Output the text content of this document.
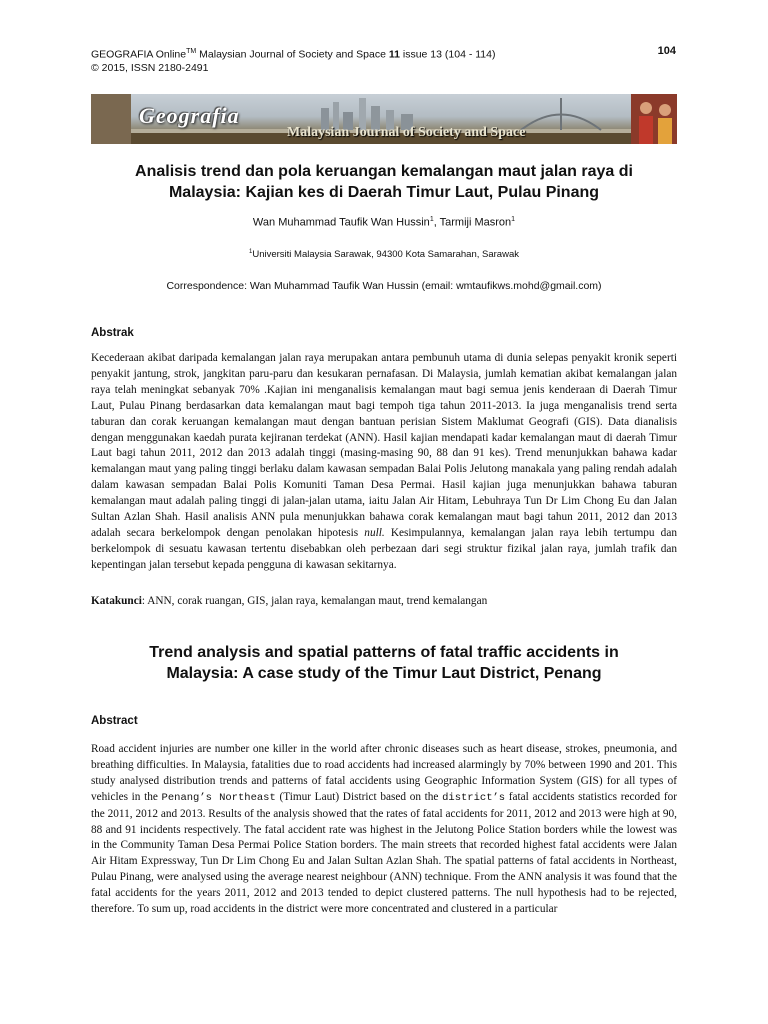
GEOGRAFIA Online™ Malaysian Journal of Society and Space 11 issue 13 (104 - 114)
© 2015, ISSN 2180-2491
104
Geografia
Malaysian Journal of Society and Space
Analisis trend dan pola keruangan kemalangan maut jalan raya di
Malaysia: Kajian kes di Daerah Timur Laut, Pulau Pinang
Wan Muhammad Taufik Wan Hussin$^1$, Tarmiji Masron$^1$
$^1$Universiti Malaysia Sarawak, 94300 Kota Samarahan, Sarawak
Correspondence: Wan Muhammad Taufik Wan Hussin (email: wmtaufikws.mohd@gmail.com)
Abstrak

Kecederaan akibat daripada kemalangan jalan raya merupakan antara pembunuh utama di dunia selepas penyakit kronik seperti penyakit jantung, strok, jangkitan paru-paru dan kesukaran pernafasan. Di Malaysia, jumlah kematian akibat kemalangan jalan raya telah meningkat sebanyak 70% .Kajian ini menganalisis kemalangan maut bagi semua jenis kenderaan di Daerah Timur Laut, Pulau Pinang berdasarkan data kemalangan maut bagi tempoh tiga tahun 2011-2013. Ia juga menganalisis trend serta taburan dan corak keruangan kemalangan maut dengan bantuan perisian Sistem Maklumat Geografi (GIS). Data dianalisis dengan menggunakan kaedah purata kejiranan terdekat (ANN). Hasil kajian mendapati kadar kemalangan maut di daerah Timur Laut bagi tahun 2011, 2012 dan 2013 adalah tinggi (masing-masing 90, 88 dan 91 kes). Trend menunjukkan bahawa kadar kemalangan maut yang paling tinggi berlaku dalam kawasan sempadan Balai Polis Jelutong manakala yang paling rendah adalah dalam kawasan sempadan Balai Polis Komuniti Taman Desa Permai. Hasil kajian juga menunjukkan bahawa taburan kemalangan maut adalah paling tinggi di jalan-jalan utama, iaitu Jalan Air Hitam, Lebuhraya Tun Dr Lim Chong Eu dan Jalan Sultan Azlan Shah. Hasil analisis ANN pula menunjukkan bahawa corak kemalangan maut bagi tahun 2011, 2012 dan 2013 adalah secara berkelompok dengan penolakan hipotesis null. Kesimpulannya, kemalangan jalan raya lebih tertumpu dan berkelompok di sesuatu kawasan tertentu disebabkan oleh perbezaan dari segi struktur fizikal jalan raya, jumlah trafik dan kepentingan jalan tersebut kepada pengguna di kawasan sekitarnya.

Katakunci: ANN, corak ruangan, GIS, jalan raya, kemalangan maut, trend kemalangan
Trend analysis and spatial patterns of fatal traffic accidents in
Malaysia: A case study of the Timur Laut District, Penang
Abstract

Road accident injuries are number one killer in the world after chronic diseases such as heart disease, strokes, pneumonia, and breathing difficulties. In Malaysia, fatalities due to road accidents had increased alarmingly by 70% between 1990 and 201. This study analysed distribution trends and patterns of fatal accidents using Geographic Information System (GIS) for all types of vehicles in the Penang’s Northeast (Timur Laut) District based on the district’s fatal accidents statistics recorded for the 2011, 2012 and 2013. Results of the analysis showed that the rates of fatal accidents for 2011, 2012 and 2013 were high at 90, 88 and 91 incidents respectively. The fatal accident rate was highest in the Jelutong Police Station borders while the lowest was in the Community Taman Desa Permai Police Station borders. The main streets that recorded highest fatal accidents were Jalan Air Hitam Expressway, Tun Dr Lim Chong Eu and Jalan Sultan Azlan Shah. The spatial patterns of fatal accidents in Northeast, Pulau Pinang, were analysed using the average nearest neighbour (ANN) technique. From the ANN analysis it was found that the fatal accidents for the years 2011, 2012 and 2013 tended to depict clustered patterns. The null hypothesis had to be rejected, therefore. To sum up, road accidents in the district were more concentrated and clustered in a particular
